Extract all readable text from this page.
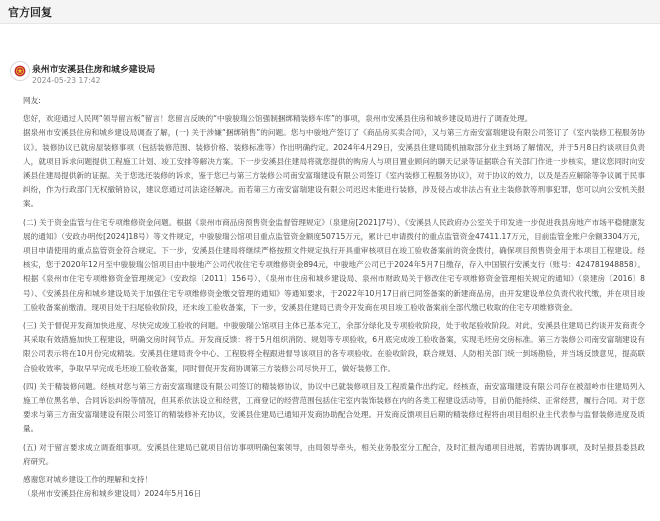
官方回复
泉州市安溪县住房和城乡建设局
2024-05-23 17:42

网友:

您好，欢迎通过人民网“领导留言板”留言！您留言反映的“中骏骏瑞公馆强制捆绑精装修车库”的事项，泉州市安溪县住房和城乡建设局进行了调查处理。

据泉州市安溪县住房和城乡建设局调查了解，(一) 关于涉嫌“捆绑销售”的问题。您与中骏地产签订了《商品房买卖合同》，又与第三方南安富瑞建设有限公司签订了《室内装修工程服务协议》。装修协议已就房屋装修事项（包括装修范围、装修价格、装修标准等）作出明确约定。2024年4月29日，安溪县住建局随机抽取部分业主到场了解情况，并于5月8日约谈项目负责人，就项目诉求问题提供工程施工计划、竣工安排等解决方案。下一步安溪县住建局将就您提供的购房人与项目置业顾问的聊天记录等证据联合有关部门作进一步核实，建议您同时向安溪县住建局提供新的证据。关于您选还装修的诉求，鉴于您已与第三方装修公司南安富瑞建设有限公司签订《室内装修工程服务协议》，对于协议的效力，以及是否应解除等争议属于民事纠纷，作为行政部门无权撤销协议，建议您通过司法途径解决。而若第三方南安富瑞建设有限公司迟迟未能进行装修，涉及侵占或非法占有业主装修款等刑事犯罪，您可以向公安机关报案。

(二) 关于资金监管与住宅专项维修资金问题。根据《泉州市商品房预售资金监督管理规定》（泉建房[2021]7号）、《安溪县人民政府办公室关于印发进一步促进我县房地产市场平稳健康发展的通知》（安政办明传[2024]18号）等文件规定，中骏骏瑞公馆项目重点监管资金额度50715万元，累计已申请拨付的重点监管资金47411.17万元，目前监管金账户余额3304万元，项目申请使用的重点监管资金符合规定。下一步，安溪县住建局将继续严格按照文件规定执行开具重审核项目在竣工验收备案前的资金拨付，确保项目预售资金用于本项目工程建设。经核实，您于2020年12月至中骏骏瑞公馆项目由中骏地产公司代收住宅专项维修资金894元，中骏地产公司已于2024年5月7日缴存，存入中国银行安溪支行（账号：424781948858）。根据《泉州市住宅专项维修资金管理规定》（安政综〔2011〕156号）、《泉州市住房和城乡建设局、泉州市财政局关于修改住宅专项维修资金管理相关规定的通知》（泉建房〔2016〕8号）、《安溪县住房和城乡建设局关于加强住宅专项维修资金缴交管理的通知》等通知要求，于2022年10月17日前已同签备案的新建商品房，由开发建设单位负责代收代缴，并在项目竣工验收备案前缴清。现项目处于扫尾验收阶段，还未竣工验收备案，下一步，安溪县住建局已责令开发商在项目竣工验收备案前全部代缴已收取的住宅专项维修资金。

(三) 关于督促开发商加快进度、尽快完成竣工验收的问题。中骏骏瑞公馆项目主体已基本完工，余部分绿化及专项验收阶段，处于收尾验收阶段。对此，安溪县住建局已约谈开发商责令其采取有效措施加快工程建设，明确交房时间节点。开发商反馈：将于5月组织消防、规划等专项验收，6月底完成竣工验收备案，实现毛坯房交房标准。第三方装修公司南安富瑞建设有限公司表示将在10月份完成精装。安溪县住建局责令中心、工程股将全程跟进督导该项目的各专项验收。在验收阶段，联合规划、人防相关部门统一到场勘验，并当场反馈意见，提高联合验收效率，争取早早完成毛坯竣工验收备案，同时督促开发商协调第三方装修公司尽快开工，做好装修工作。

(四) 关于精装修问题。经核对您与第三方南安富瑞建设有限公司签订的精装修协议，协议中已就装修项目及工程质量作出约定。经核查，南安富瑞建设有限公司存在被湿岭市住建局列入施工单位黑名单、合同诉讼纠纷等情况，但其系依法设立和经营，工商登记的经营范围包括住宅室内装饰装修在内的各类工程建设活动等，目前仍能持续、正常经营，履行合同。对于您要求与第三方南安富瑞建设有限公司签订的精装修补充协议，安溪县住建局已通知开发商协助配合处理。开发商反馈项目后期的精装修过程将由项目组织业主代表参与监督装修进度及质量。

(五) 对于留言要求成立调查组事项。安溪县住建局已就项目信访事项明确包案领导，由局领导牵头，相关业务股室分工配合，及时汇报沟通项目进展，若需协调事项，及时呈报县委县政府研究。

感谢您对城乡建设工作的理解和支持！

（泉州市安溪县住房和城乡建设局）2024年5月16日
